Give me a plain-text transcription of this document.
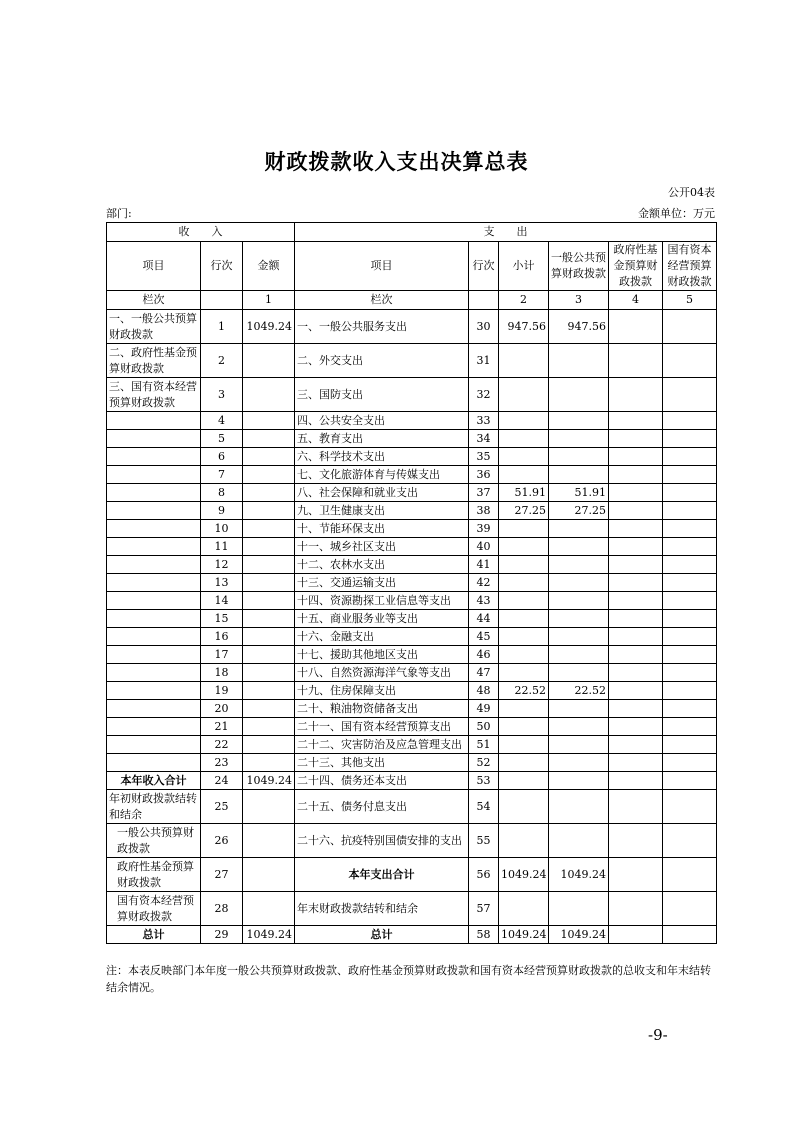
财政拨款收入支出决算总表
公开04表
部门:	金额单位：万元
收　　入			支　　出					
项目	行次	金额	项目	行次	小计	一般公共预算财政拨款	政府性基金预算财政拨款	国有资本经营预算财政拨款
栏次		1	栏次		2	3	4	5
一、一般公共预算财政拨款	1	1049.24	一、一般公共服务支出	30	947.56	947.56		
二、政府性基金预算财政拨款	2		二、外交支出	31				
三、国有资本经营预算财政拨款	3		三、国防支出	32				
	4		四、公共安全支出	33				
	5		五、教育支出	34				
	6		六、科学技术支出	35				
	7		七、文化旅游体育与传媒支出	36				
	8		八、社会保障和就业支出	37	51.91	51.91		
	9		九、卫生健康支出	38	27.25	27.25		
	10		十、节能环保支出	39				
	11		十一、城乡社区支出	40				
	12		十二、农林水支出	41				
	13		十三、交通运输支出	42				
	14		十四、资源勘探工业信息等支出	43				
	15		十五、商业服务业等支出	44				
	16		十六、金融支出	45				
	17		十七、援助其他地区支出	46				
	18		十八、自然资源海洋气象等支出	47				
	19		十九、住房保障支出	48	22.52	22.52		
	20		二十、粮油物资储备支出	49				
	21		二十一、国有资本经营预算支出	50				
	22		二十二、灾害防治及应急管理支出	51				
	23		二十三、其他支出	52				
本年收入合计	24	1049.24	二十四、债务还本支出	53				
年初财政拨款结转和结余	25		二十五、债务付息支出	54				
一般公共预算财政拨款	26		二十六、抗疫特别国债安排的支出	55				
政府性基金预算财政拨款	27		本年支出合计	56	1049.24	1049.24		
国有资本经营预算财政拨款	28		年末财政拨款结转和结余	57				
总计	29	1049.24	总计	58	1049.24	1049.24		
注：本表反映部门本年度一般公共预算财政拨款、政府性基金预算财政拨款和国有资本经营预算财政拨款的总收支和年末结转结余情况。
-9-
